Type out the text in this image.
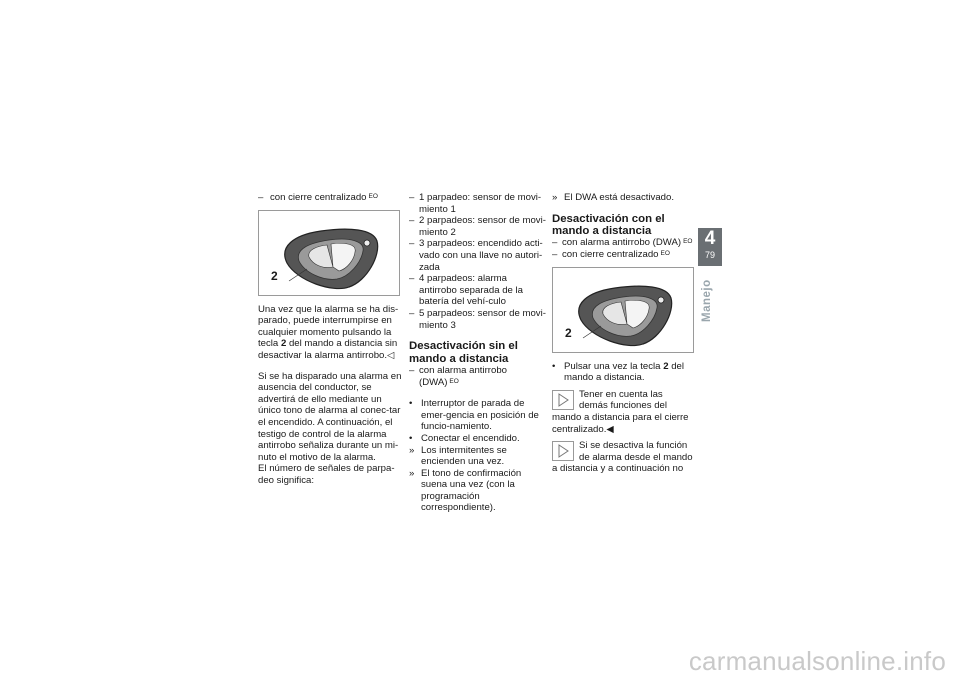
– con cierre centralizado $^{EO}$
2

Una vez que la alarma se ha dis-parado, puede interrumpirse en cualquier momento pulsando la tecla 2 del mando a distancia sin desactivar la alarma antirrobo.◁

Si se ha disparado una alarma en ausencia del conductor, se advertirá de ello mediante un único tono de alarma al conec-tar el encendido. A continuación, el testigo de control de la alarma antirrobo señaliza durante un mi-nuto el motivo de la alarma.

El número de señales de parpa-deo significa:

– 1 parpadeo: sensor de movi-miento 1
– 2 parpadeos: sensor de movi-miento 2
– 3 parpadeos: encendido acti-vado con una llave no autori-zada
– 4 parpadeos: alarma antirrobo separada de la batería del vehí-culo
– 5 parpadeos: sensor de movi-miento 3
Desactivación sin el mando a distancia
– con alarma antirrobo (DWA) $^{EO}$
• Interruptor de parada de emer-gencia en posición de funcio-namiento.
• Conectar el encendido.
» Los intermitentes se encienden una vez.
» El tono de confirmación suena una vez (con la programación correspondiente).
» El DWA está desactivado.
Desactivación con el mando a distancia
– con alarma antirrobo (DWA) $^{EO}$
– con cierre centralizado $^{EO}$
2
• Pulsar una vez la tecla 2 del mando a distancia.

Tener en cuenta las demás funciones del mando a distancia para el cierre centralizado.◀

Si se desactiva la función de alarma desde el mando a distancia y a continuación no

4
79
Manejo
carmanualsonline.info
